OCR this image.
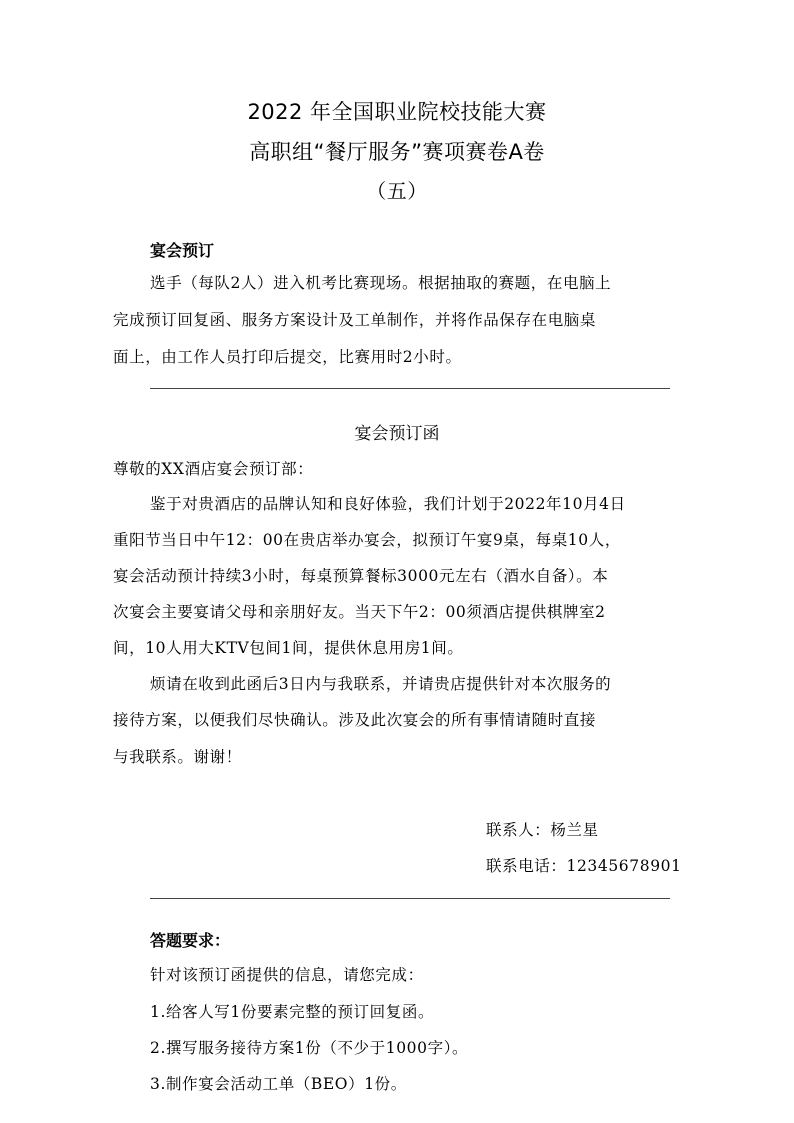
2022 年全国职业院校技能大赛
高职组“餐厅服务”赛项赛卷A卷
（五）
宴会预订
选手（每队2人）进入机考比赛现场。根据抽取的赛题，在电脑上
完成预订回复函、服务方案设计及工单制作，并将作品保存在电脑桌
面上，由工作人员打印后提交，比赛用时2小时。
宴会预订函
尊敬的XX酒店宴会预订部：
鉴于对贵酒店的品牌认知和良好体验，我们计划于2022年10月4日
重阳节当日中午12：00在贵店举办宴会，拟预订午宴9桌，每桌10人，
宴会活动预计持续3小时，每桌预算餐标3000元左右（酒水自备）。本
次宴会主要宴请父母和亲朋好友。当天下午2：00须酒店提供棋牌室2
间，10人用大KTV包间1间，提供休息用房1间。
烦请在收到此函后3日内与我联系，并请贵店提供针对本次服务的
接待方案，以便我们尽快确认。涉及此次宴会的所有事情请随时直接
与我联系。谢谢！
联系人：杨兰星
联系电话：12345678901
答题要求：
针对该预订函提供的信息，请您完成：
1.给客人写1份要素完整的预订回复函。
2.撰写服务接待方案1份（不少于1000字）。
3.制作宴会活动工单（BEO）1份。
